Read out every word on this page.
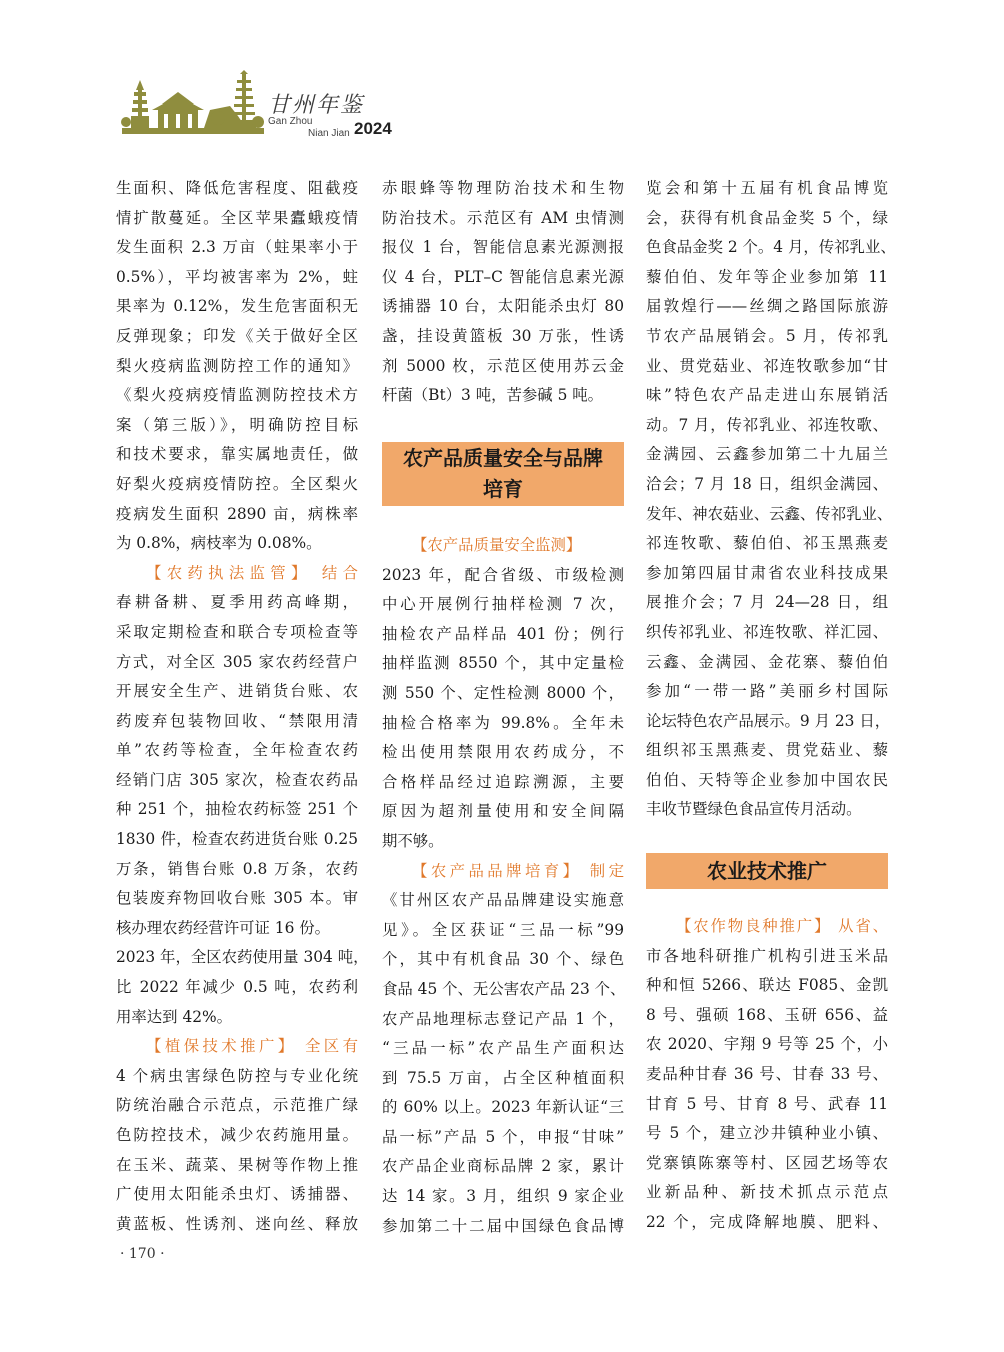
甘州年鉴
Gan Zhou
Nian Jian 2024
生面积、降低危害程度、阻截疫
情扩散蔓延。全区苹果蠹蛾疫情
发生面积 2.3 万亩（蛀果率小于
0.5%），平均被害率为 2%，蛀
果率为 0.12%，发生危害面积无
反弹现象；印发《关于做好全区
梨火疫病监测防控工作的通知》
《梨火疫病疫情监测防控技术方
案（第三版）》，明确防控目标
和技术要求，靠实属地责任，做
好梨火疫病疫情防控。全区梨火
疫病发生面积 2890 亩，病株率
为 0.8%，病枝率为 0.08%。
【农药执法监管】 结合
春耕备耕、夏季用药高峰期，
采取定期检查和联合专项检查等
方式，对全区 305 家农药经营户
开展安全生产、进销货台账、农
药废弃包装物回收、“禁限用清
单”农药等检查，全年检查农药
经销门店 305 家次，检查农药品
种 251 个，抽检农药标签 251 个
1830 件，检查农药进货台账 0.25
万条，销售台账 0.8 万条，农药
包装废弃物回收台账 305 本。审
核办理农药经营许可证 16 份。
2023 年，全区农药使用量 304 吨，
比 2022 年减少 0.5 吨，农药利
用率达到 42%。
【植保技术推广】 全区有
4 个病虫害绿色防控与专业化统
防统治融合示范点，示范推广绿
色防控技术，减少农药施用量。
在玉米、蔬菜、果树等作物上推
广使用太阳能杀虫灯、诱捕器、
黄蓝板、性诱剂、迷向丝、释放
赤眼蜂等物理防治技术和生物
防治技术。示范区有 AM 虫情测
报仪 1 台，智能信息素光源测报
仪 4 台，PLT–C 智能信息素光源
诱捕器 10 台，太阳能杀虫灯 80
盏，挂设黄篮板 30 万张，性诱
剂 5000 枚，示范区使用苏云金
杆菌（Bt）3 吨，苦参碱 5 吨。
农产品质量安全与品牌
培育
【农产品质量安全监测】
2023 年，配合省级、市级检测
中心开展例行抽样检测 7 次，
抽检农产品样品 401 份；例行
抽样监测 8550 个，其中定量检
测 550 个、定性检测 8000 个，
抽检合格率为 99.8%。全年未
检出使用禁限用农药成分，不
合格样品经过追踪溯源，主要
原因为超剂量使用和安全间隔
期不够。
【农产品品牌培育】 制定
《甘州区农产品品牌建设实施意
见》。全区获证“三品一标”99
个，其中有机食品 30 个、绿色
食品 45 个、无公害农产品 23 个、
农产品地理标志登记产品 1 个，
“三品一标”农产品生产面积达
到 75.5 万亩，占全区种植面积
的 60% 以上。2023 年新认证“三
品一标”产品 5 个，申报“甘味”
农产品企业商标品牌 2 家，累计
达 14 家。3 月，组织 9 家企业
参加第二十二届中国绿色食品博
览会和第十五届有机食品博览
会，获得有机食品金奖 5 个，绿
色食品金奖 2 个。4 月，传祁乳业、
藜伯伯、发年等企业参加第 11
届敦煌行——丝绸之路国际旅游
节农产品展销会。5 月，传祁乳
业、贯党菇业、祁连牧歌参加“甘
味”特色农产品走进山东展销活
动。7 月，传祁乳业、祁连牧歌、
金满园、云鑫参加第二十九届兰
洽会；7 月 18 日，组织金满园、
发年、神农菇业、云鑫、传祁乳业、
祁连牧歌、藜伯伯、祁玉黑燕麦
参加第四届甘肃省农业科技成果
展推介会；7 月 24—28 日，组
织传祁乳业、祁连牧歌、祥汇园、
云鑫、金满园、金花寨、藜伯伯
参加“一带一路”美丽乡村国际
论坛特色农产品展示。9 月 23 日，
组织祁玉黑燕麦、贯党菇业、藜
伯伯、天特等企业参加中国农民
丰收节暨绿色食品宣传月活动。
农业技术推广
【农作物良种推广】 从省、
市各地科研推广机构引进玉米品
种和恒 5266、联达 F085、金凯
8 号、强硕 168、玉研 656、益
农 2020、宇翔 9 号等 25 个，小
麦品种甘春 36 号、甘春 33 号、
甘育 5 号、甘育 8 号、武春 11
号 5 个，建立沙井镇种业小镇、
党寨镇陈寨等村、区园艺场等农
业新品种、新技术抓点示范点
22 个，完成降解地膜、肥料、
· 170 ·
